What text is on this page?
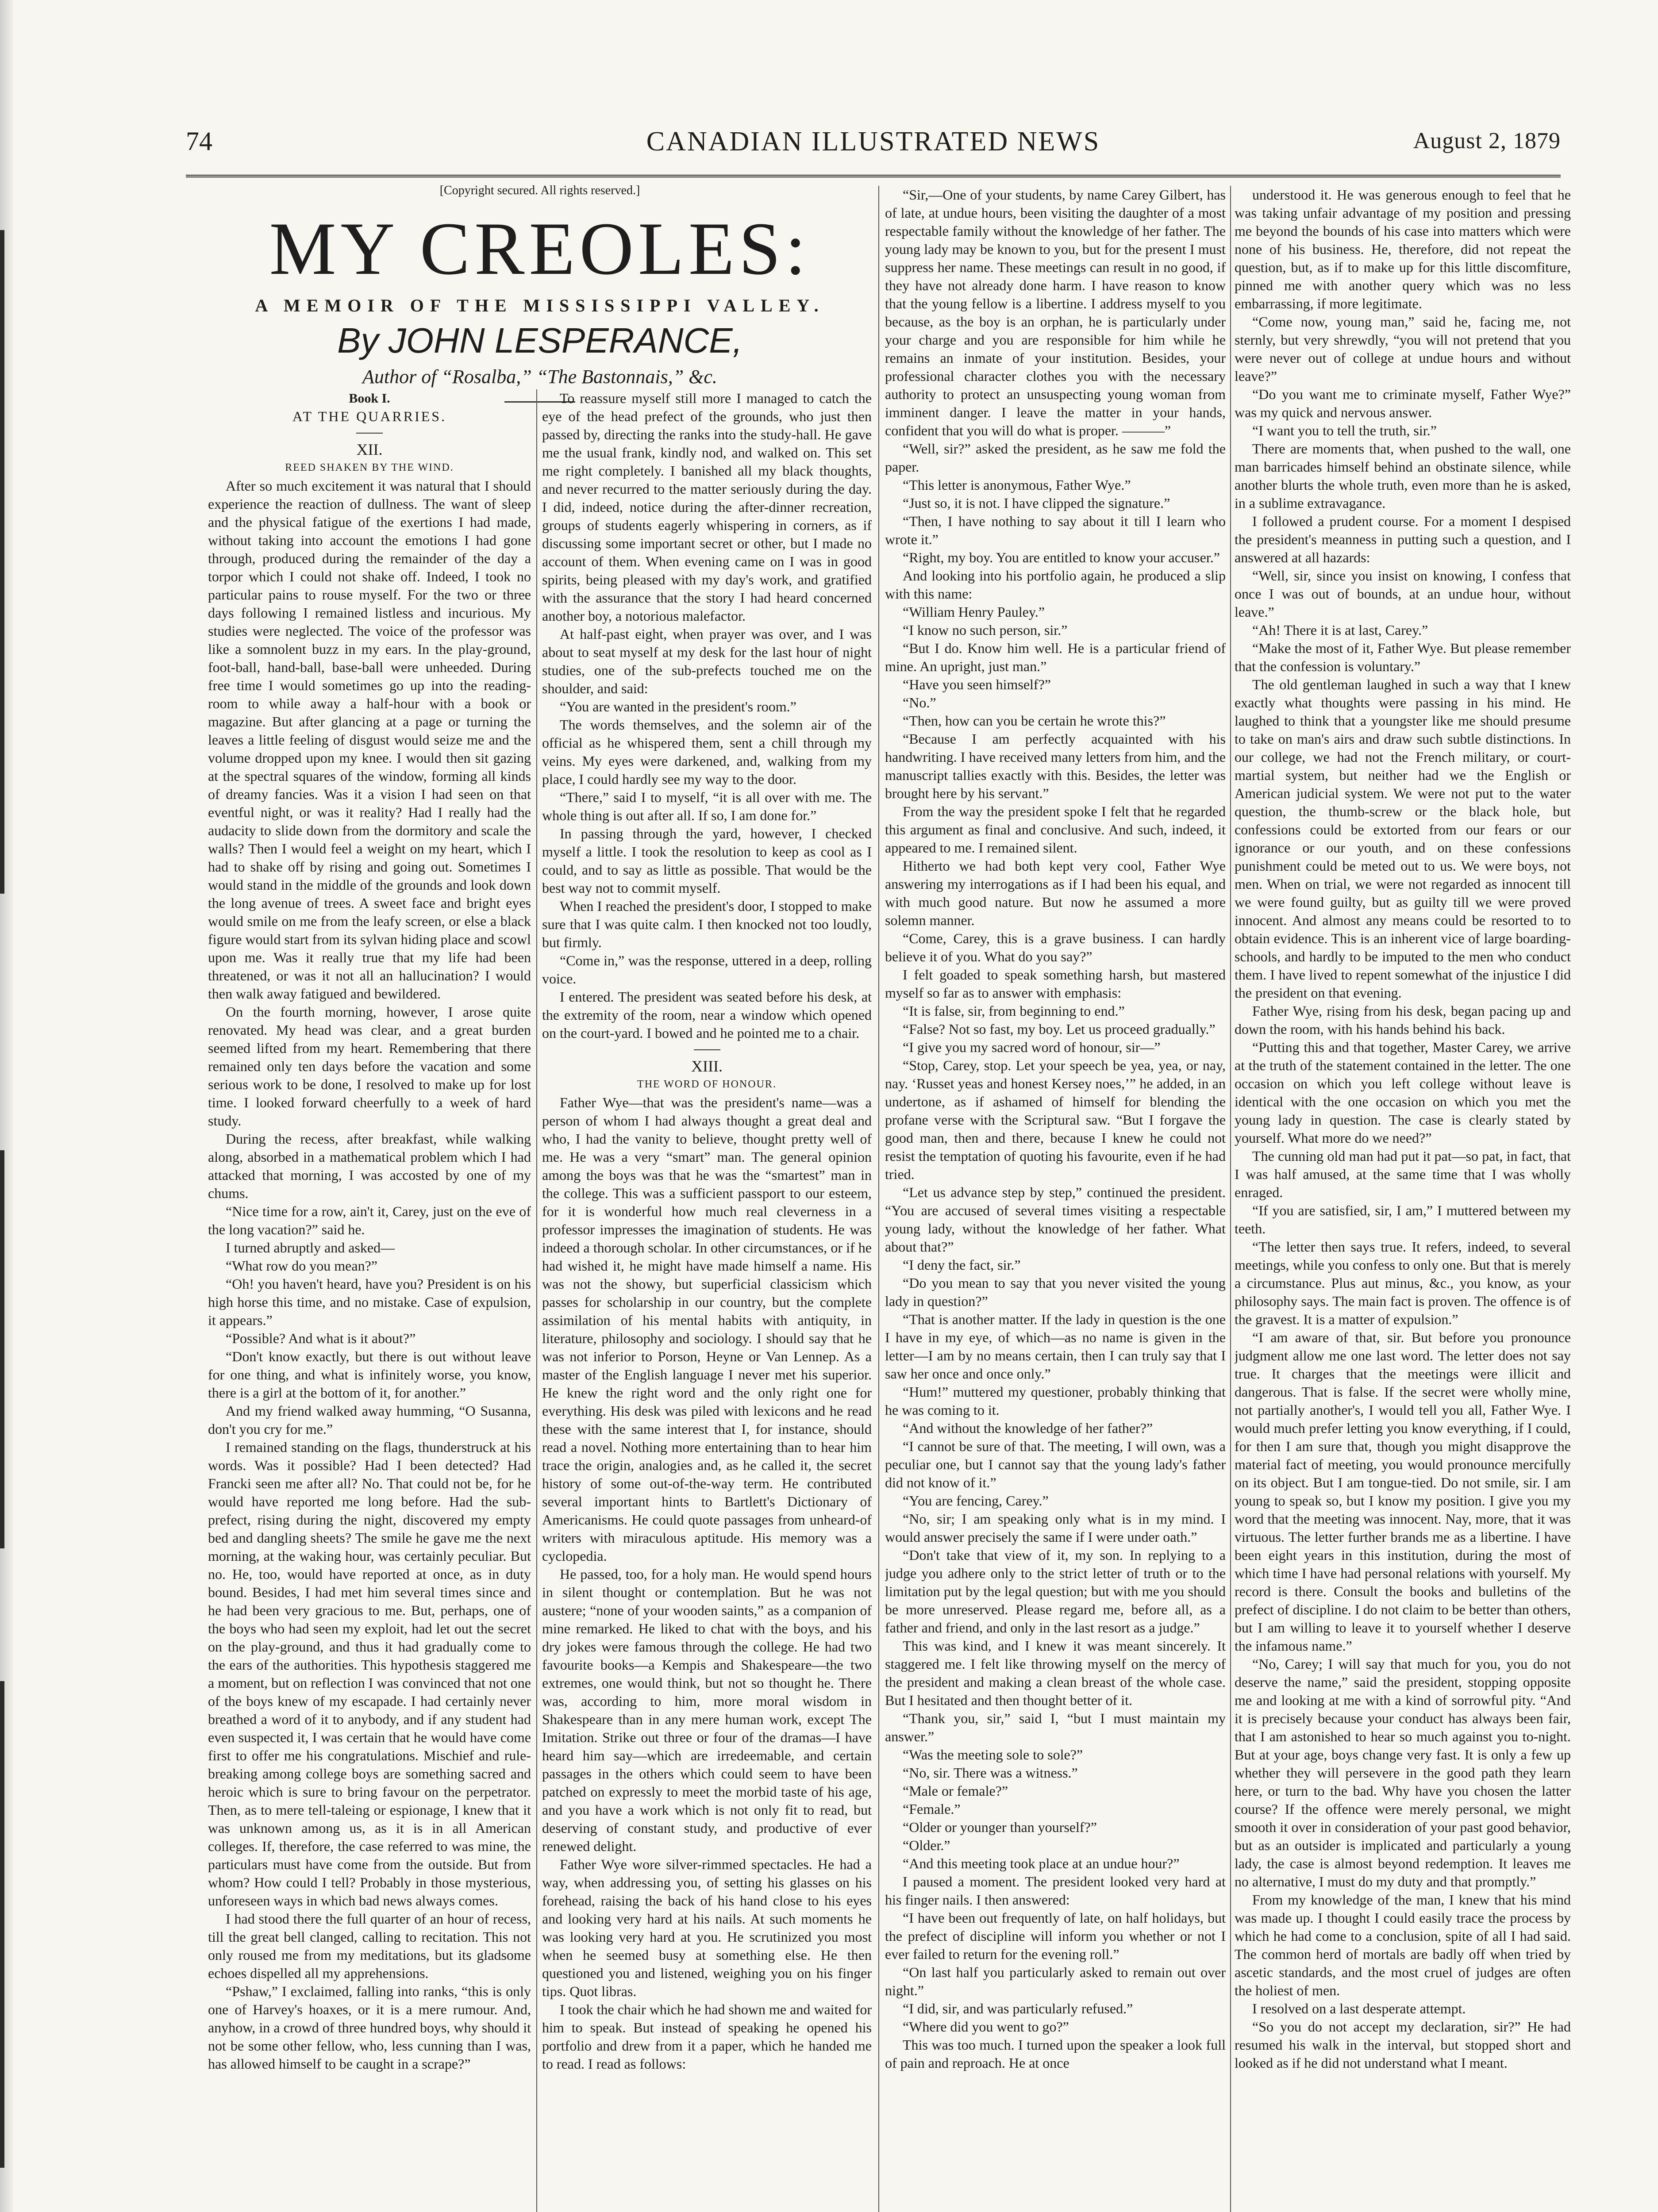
74	CANADIAN ILLUSTRATED NEWS	August 2, 1879

[Copyright secured. All rights reserved.]

MY CREOLES:

A MEMOIR OF THE MISSISSIPPI VALLEY.

By JOHN LESPERANCE,

Author of “Rosalba,” “The Bastonnais,” &c.

Book I.

AT THE QUARRIES.

XII.

REED SHAKEN BY THE WIND.

After so much excitement it was natural that I should experience the reaction of dullness. The want of sleep and the physical fatigue of the exertions I had made, without taking into account the emotions I had gone through, produced during the remainder of the day a torpor which I could not shake off. Indeed, I took no particular pains to rouse myself. For the two or three days following I remained listless and incurious. My studies were neglected. The voice of the professor was like a somnolent buzz in my ears. In the play-ground, foot-ball, hand-ball, base-ball were unheeded. During free time I would sometimes go up into the reading-room to while away a half-hour with a book or magazine. But after glancing at a page or turning the leaves a little feeling of disgust would seize me and the volume dropped upon my knee. I would then sit gazing at the spectral squares of the window, forming all kinds of dreamy fancies. Was it a vision I had seen on that eventful night, or was it reality? Had I really had the audacity to slide down from the dormitory and scale the walls? Then I would feel a weight on my heart, which I had to shake off by rising and going out. Sometimes I would stand in the middle of the grounds and look down the long avenue of trees. A sweet face and bright eyes would smile on me from the leafy screen, or else a black figure would start from its sylvan hiding place and scowl upon me. Was it really true that my life had been threatened, or was it not all an hallucination? I would then walk away fatigued and bewildered.

On the fourth morning, however, I arose quite renovated. My head was clear, and a great burden seemed lifted from my heart. Remembering that there remained only ten days before the vacation and some serious work to be done, I resolved to make up for lost time. I looked forward cheerfully to a week of hard study.

During the recess, after breakfast, while walking along, absorbed in a mathematical problem which I had attacked that morning, I was accosted by one of my chums.

“Nice time for a row, ain't it, Carey, just on the eve of the long vacation?” said he.

I turned abruptly and asked—

“What row do you mean?”

“Oh! you haven't heard, have you? President is on his high horse this time, and no mistake. Case of expulsion, it appears.”

“Possible? And what is it about?”

“Don't know exactly, but there is out without leave for one thing, and what is infinitely worse, you know, there is a girl at the bottom of it, for another.”

And my friend walked away humming, “O Susanna, don't you cry for me.”

I remained standing on the flags, thunderstruck at his words. Was it possible? Had I been detected? Had Francki seen me after all? No. That could not be, for he would have reported me long before. Had the sub-prefect, rising during the night, discovered my empty bed and dangling sheets? The smile he gave me the next morning, at the waking hour, was certainly peculiar. But no. He, too, would have reported at once, as in duty bound. Besides, I had met him several times since and he had been very gracious to me. But, perhaps, one of the boys who had seen my exploit, had let out the secret on the play-ground, and thus it had gradually come to the ears of the authorities. This hypothesis staggered me a moment, but on reflection I was convinced that not one of the boys knew of my escapade. I had certainly never breathed a word of it to anybody, and if any student had even suspected it, I was certain that he would have come first to offer me his congratulations. Mischief and rule-breaking among college boys are something sacred and heroic which is sure to bring favour on the perpetrator. Then, as to mere tell-taleing or espionage, I knew that it was unknown among us, as it is in all American colleges. If, therefore, the case referred to was mine, the particulars must have come from the outside. But from whom? How could I tell? Probably in those mysterious, unforeseen ways in which bad news always comes.

I had stood there the full quarter of an hour of recess, till the great bell clanged, calling to recitation. This not only roused me from my meditations, but its gladsome echoes dispelled all my apprehensions.

“Pshaw,” I exclaimed, falling into ranks, “this is only one of Harvey's hoaxes, or it is a mere rumour. And, anyhow, in a crowd of three hundred boys, why should it not be some other fellow, who, less cunning than I was, has allowed himself to be caught in a scrape?”

To reassure myself still more I managed to catch the eye of the head prefect of the grounds, who just then passed by, directing the ranks into the study-hall. He gave me the usual frank, kindly nod, and walked on. This set me right completely. I banished all my black thoughts, and never recurred to the matter seriously during the day. I did, indeed, notice during the after-dinner recreation, groups of students eagerly whispering in corners, as if discussing some important secret or other, but I made no account of them. When evening came on I was in good spirits, being pleased with my day's work, and gratified with the assurance that the story I had heard concerned another boy, a notorious malefactor.

At half-past eight, when prayer was over, and I was about to seat myself at my desk for the last hour of night studies, one of the sub-prefects touched me on the shoulder, and said:

“You are wanted in the president's room.”

The words themselves, and the solemn air of the official as he whispered them, sent a chill through my veins. My eyes were darkened, and, walking from my place, I could hardly see my way to the door.

“There,” said I to myself, “it is all over with me. The whole thing is out after all. If so, I am done for.”

In passing through the yard, however, I checked myself a little. I took the resolution to keep as cool as I could, and to say as little as possible. That would be the best way not to commit myself.

When I reached the president's door, I stopped to make sure that I was quite calm. I then knocked not too loudly, but firmly.

“Come in,” was the response, uttered in a deep, rolling voice.

I entered. The president was seated before his desk, at the extremity of the room, near a window which opened on the court-yard. I bowed and he pointed me to a chair.

XIII.

THE WORD OF HONOUR.

Father Wye—that was the president's name—was a person of whom I had always thought a great deal and who, I had the vanity to believe, thought pretty well of me. He was a very “smart” man. The general opinion among the boys was that he was the “smartest” man in the college. This was a sufficient passport to our esteem, for it is wonderful how much real cleverness in a professor impresses the imagination of students. He was indeed a thorough scholar. In other circumstances, or if he had wished it, he might have made himself a name. His was not the showy, but superficial classicism which passes for scholarship in our country, but the complete assimilation of his mental habits with antiquity, in literature, philosophy and sociology. I should say that he was not inferior to Porson, Heyne or Van Lennep. As a master of the English language I never met his superior. He knew the right word and the only right one for everything. His desk was piled with lexicons and he read these with the same interest that I, for instance, should read a novel. Nothing more entertaining than to hear him trace the origin, analogies and, as he called it, the secret history of some out-of-the-way term. He contributed several important hints to Bartlett's Dictionary of Americanisms. He could quote passages from unheard-of writers with miraculous aptitude. His memory was a cyclopedia.

He passed, too, for a holy man. He would spend hours in silent thought or contemplation. But he was not austere; “none of your wooden saints,” as a companion of mine remarked. He liked to chat with the boys, and his dry jokes were famous through the college. He had two favourite books—a Kempis and Shakespeare—the two extremes, one would think, but not so thought he. There was, according to him, more moral wisdom in Shakespeare than in any mere human work, except The Imitation. Strike out three or four of the dramas—I have heard him say—which are irredeemable, and certain passages in the others which could seem to have been patched on expressly to meet the morbid taste of his age, and you have a work which is not only fit to read, but deserving of constant study, and productive of ever renewed delight.

Father Wye wore silver-rimmed spectacles. He had a way, when addressing you, of setting his glasses on his forehead, raising the back of his hand close to his eyes and looking very hard at his nails. At such moments he was looking very hard at you. He scrutinized you most when he seemed busy at something else. He then questioned you and listened, weighing you on his finger tips. Quot libras.

I took the chair which he had shown me and waited for him to speak. But instead of speaking he opened his portfolio and drew from it a paper, which he handed me to read. I read as follows:

“Sir,—One of your students, by name Carey Gilbert, has of late, at undue hours, been visiting the daughter of a most respectable family without the knowledge of her father. The young lady may be known to you, but for the present I must suppress her name. These meetings can result in no good, if they have not already done harm. I have reason to know that the young fellow is a libertine. I address myself to you because, as the boy is an orphan, he is particularly under your charge and you are responsible for him while he remains an inmate of your institution. Besides, your professional character clothes you with the necessary authority to protect an unsuspecting young woman from imminent danger. I leave the matter in your hands, confident that you will do what is proper. ———”

“Well, sir?” asked the president, as he saw me fold the paper.

“This letter is anonymous, Father Wye.”

“Just so, it is not. I have clipped the signature.”

“Then, I have nothing to say about it till I learn who wrote it.”

“Right, my boy. You are entitled to know your accuser.”

And looking into his portfolio again, he produced a slip with this name:

“William Henry Pauley.”

“I know no such person, sir.”

“But I do. Know him well. He is a particular friend of mine. An upright, just man.”

“Have you seen himself?”

“No.”

“Then, how can you be certain he wrote this?”

“Because I am perfectly acquainted with his handwriting. I have received many letters from him, and the manuscript tallies exactly with this. Besides, the letter was brought here by his servant.”

From the way the president spoke I felt that he regarded this argument as final and conclusive. And such, indeed, it appeared to me. I remained silent.

Hitherto we had both kept very cool, Father Wye answering my interrogations as if I had been his equal, and with much good nature. But now he assumed a more solemn manner.

“Come, Carey, this is a grave business. I can hardly believe it of you. What do you say?”

I felt goaded to speak something harsh, but mastered myself so far as to answer with emphasis:

“It is false, sir, from beginning to end.”

“False? Not so fast, my boy. Let us proceed gradually.”

“I give you my sacred word of honour, sir—”

“Stop, Carey, stop. Let your speech be yea, yea, or nay, nay. ‘Russet yeas and honest Kersey noes,’” he added, in an undertone, as if ashamed of himself for blending the profane verse with the Scriptural saw. “But I forgave the good man, then and there, because I knew he could not resist the temptation of quoting his favourite, even if he had tried.

“Let us advance step by step,” continued the president. “You are accused of several times visiting a respectable young lady, without the knowledge of her father. What about that?”

“I deny the fact, sir.”

“Do you mean to say that you never visited the young lady in question?”

“That is another matter. If the lady in question is the one I have in my eye, of which—as no name is given in the letter—I am by no means certain, then I can truly say that I saw her once and once only.”

“Hum!” muttered my questioner, probably thinking that he was coming to it.

“And without the knowledge of her father?”

“I cannot be sure of that. The meeting, I will own, was a peculiar one, but I cannot say that the young lady's father did not know of it.”

“You are fencing, Carey.”

“No, sir; I am speaking only what is in my mind. I would answer precisely the same if I were under oath.”

“Don't take that view of it, my son. In replying to a judge you adhere only to the strict letter of truth or to the limitation put by the legal question; but with me you should be more unreserved. Please regard me, before all, as a father and friend, and only in the last resort as a judge.”

This was kind, and I knew it was meant sincerely. It staggered me. I felt like throwing myself on the mercy of the president and making a clean breast of the whole case. But I hesitated and then thought better of it.

“Thank you, sir,” said I, “but I must maintain my answer.”

“Was the meeting sole to sole?”

“No, sir. There was a witness.”

“Male or female?”

“Female.”

“Older or younger than yourself?”

“Older.”

“And this meeting took place at an undue hour?”

I paused a moment. The president looked very hard at his finger nails. I then answered:

“I have been out frequently of late, on half holidays, but the prefect of discipline will inform you whether or not I ever failed to return for the evening roll.”

“On last half you particularly asked to remain out over night.”

“I did, sir, and was particularly refused.”

“Where did you went to go?”

This was too much. I turned upon the speaker a look full of pain and reproach. He at once

understood it. He was generous enough to feel that he was taking unfair advantage of my position and pressing me beyond the bounds of his case into matters which were none of his business. He, therefore, did not repeat the question, but, as if to make up for this little discomfiture, pinned me with another query which was no less embarrassing, if more legitimate.

“Come now, young man,” said he, facing me, not sternly, but very shrewdly, “you will not pretend that you were never out of college at undue hours and without leave?”

“Do you want me to criminate myself, Father Wye?” was my quick and nervous answer.

“I want you to tell the truth, sir.”

There are moments that, when pushed to the wall, one man barricades himself behind an obstinate silence, while another blurts the whole truth, even more than he is asked, in a sublime extravagance.

I followed a prudent course. For a moment I despised the president's meanness in putting such a question, and I answered at all hazards:

“Well, sir, since you insist on knowing, I confess that once I was out of bounds, at an undue hour, without leave.”

“Ah! There it is at last, Carey.”

“Make the most of it, Father Wye. But please remember that the confession is voluntary.”

The old gentleman laughed in such a way that I knew exactly what thoughts were passing in his mind. He laughed to think that a youngster like me should presume to take on man's airs and draw such subtle distinctions. In our college, we had not the French military, or court-martial system, but neither had we the English or American judicial system. We were not put to the water question, the thumb-screw or the black hole, but confessions could be extorted from our fears or our ignorance or our youth, and on these confessions punishment could be meted out to us. We were boys, not men. When on trial, we were not regarded as innocent till we were found guilty, but as guilty till we were proved innocent. And almost any means could be resorted to to obtain evidence. This is an inherent vice of large boarding-schools, and hardly to be imputed to the men who conduct them. I have lived to repent somewhat of the injustice I did the president on that evening.

Father Wye, rising from his desk, began pacing up and down the room, with his hands behind his back.

“Putting this and that together, Master Carey, we arrive at the truth of the statement contained in the letter. The one occasion on which you left college without leave is identical with the one occasion on which you met the young lady in question. The case is clearly stated by yourself. What more do we need?”

The cunning old man had put it pat—so pat, in fact, that I was half amused, at the same time that I was wholly enraged.

“If you are satisfied, sir, I am,” I muttered between my teeth.

“The letter then says true. It refers, indeed, to several meetings, while you confess to only one. But that is merely a circumstance. Plus aut minus, &c., you know, as your philosophy says. The main fact is proven. The offence is of the gravest. It is a matter of expulsion.”

“I am aware of that, sir. But before you pronounce judgment allow me one last word. The letter does not say true. It charges that the meetings were illicit and dangerous. That is false. If the secret were wholly mine, not partially another's, I would tell you all, Father Wye. I would much prefer letting you know everything, if I could, for then I am sure that, though you might disapprove the material fact of meeting, you would pronounce mercifully on its object. But I am tongue-tied. Do not smile, sir. I am young to speak so, but I know my position. I give you my word that the meeting was innocent. Nay, more, that it was virtuous. The letter further brands me as a libertine. I have been eight years in this institution, during the most of which time I have had personal relations with yourself. My record is there. Consult the books and bulletins of the prefect of discipline. I do not claim to be better than others, but I am willing to leave it to yourself whether I deserve the infamous name.”

“No, Carey; I will say that much for you, you do not deserve the name,” said the president, stopping opposite me and looking at me with a kind of sorrowful pity. “And it is precisely because your conduct has always been fair, that I am astonished to hear so much against you to-night. But at your age, boys change very fast. It is only a few up whether they will persevere in the good path they learn here, or turn to the bad. Why have you chosen the latter course? If the offence were merely personal, we might smooth it over in consideration of your past good behavior, but as an outsider is implicated and particularly a young lady, the case is almost beyond redemption. It leaves me no alternative, I must do my duty and that promptly.”

From my knowledge of the man, I knew that his mind was made up. I thought I could easily trace the process by which he had come to a conclusion, spite of all I had said. The common herd of mortals are badly off when tried by ascetic standards, and the most cruel of judges are often the holiest of men.

I resolved on a last desperate attempt.

“So you do not accept my declaration, sir?” He had resumed his walk in the interval, but stopped short and looked as if he did not understand what I meant.
